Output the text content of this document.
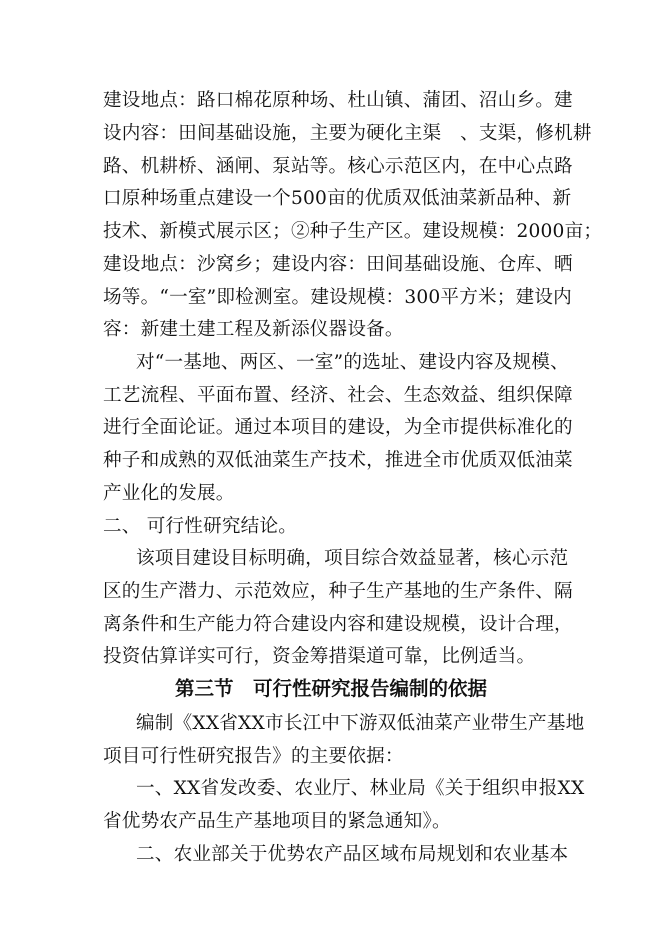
建设地点：路口棉花原种场、杜山镇、蒲团、沼山乡。建
设内容：田间基础设施，主要为硬化主渠　、支渠，修机耕
路、机耕桥、涵闸、泵站等。核心示范区内，在中心点路
口原种场重点建设一个500亩的优质双低油菜新品种、新
技术、新模式展示区；②种子生产区。建设规模：2000亩；
建设地点：沙窝乡；建设内容：田间基础设施、仓库、晒
场等。“一室”即检测室。建设规模：300平方米；建设内
容：新建土建工程及新添仪器设备。
对“一基地、两区、一室”的选址、建设内容及规模、
工艺流程、平面布置、经济、社会、生态效益、组织保障
进行全面论证。通过本项目的建设，为全市提供标准化的
种子和成熟的双低油菜生产技术，推进全市优质双低油菜
产业化的发展。
二、 可行性研究结论。
该项目建设目标明确，项目综合效益显著，核心示范
区的生产潜力、示范效应，种子生产基地的生产条件、隔
离条件和生产能力符合建设内容和建设规模，设计合理，
投资估算详实可行，资金筹措渠道可靠，比例适当。
第三节　可行性研究报告编制的依据
编制《XX省XX市长江中下游双低油菜产业带生产基地
项目可行性研究报告》的主要依据：
一、XX省发改委、农业厅、林业局《关于组织申报XX
省优势农产品生产基地项目的紧急通知》。
二、农业部关于优势农产品区域布局规划和农业基本
